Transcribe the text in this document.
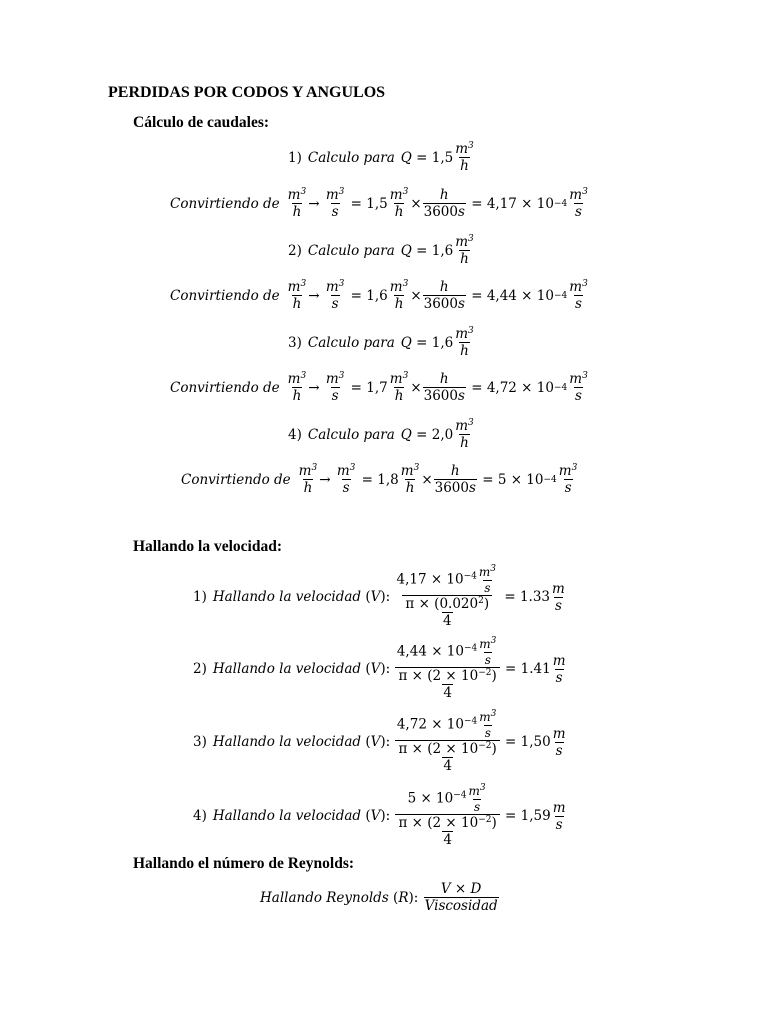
PERDIDAS POR CODOS Y ANGULOS
Cálculo de caudales:
1) Calculo para $Q = 1,5 \frac{m^3}{h}$
Convirtiendo de $\frac{m^3}{h} \to \frac{m^3}{s} = 1,5 \frac{m^3}{h} \times \frac{h}{3600s} = 4,17 \times 10 -4 \frac{m^3}{s}$
2) Calculo para $Q = 1,6 \frac{m^3}{h}$
Convirtiendo de $\frac{m^3}{h} \to \frac{m^3}{s} = 1,6 \frac{m^3}{h} \times \frac{h}{3600s} = 4,44 \times 10 -4 \frac{m^3}{s}$
3) Calculo para $Q = 1,6 \frac{m^3}{h}$
Convirtiendo de $\frac{m^3}{h} \to \frac{m^3}{s} = 1,7 \frac{m^3}{h} \times \frac{h}{3600s} = 4,72 \times 10 -4 \frac{m^3}{s}$
4) Calculo para $Q = 2,0 \frac{m^3}{h}$
Convirtiendo de $\frac{m^3}{h} \to \frac{m^3}{s} = 1,8 \frac{m^3}{h} \times \frac{h}{3600s} = 5 \times 10 -4 \frac{m^3}{s}$
Hallando la velocidad:
1) Hallando la velocidad ( V ): $\frac{4,17 \times 10^{-4} \frac{m^3}{s}}{\frac{\pi \times (0.020^2)}{4}} = 1.33 \frac{m}{s}$
2) Hallando la velocidad ( V ): $\frac{4,44 \times 10^{-4} \frac{m^3}{s}}{\frac{\pi \times (2 \times 10^{-2})}{4}} = 1.41 \frac{m}{s}$
3) Hallando la velocidad ( V ): $\frac{4,72 \times 10^{-4} \frac{m^3}{s}}{\frac{\pi \times (2 \times 10^{-2})}{4}} = 1,50 \frac{m}{s}$
4) Hallando la velocidad ( V ): $\frac{5 \times 10^{-4} \frac{m^3}{s}}{\frac{\pi \times (2 \times 10^{-2})}{4}} = 1,59 \frac{m}{s}$
Hallando el número de Reynolds:
Hallando Reynolds ( R ): $\frac{V \times D}{\text{Viscosidad}}$
